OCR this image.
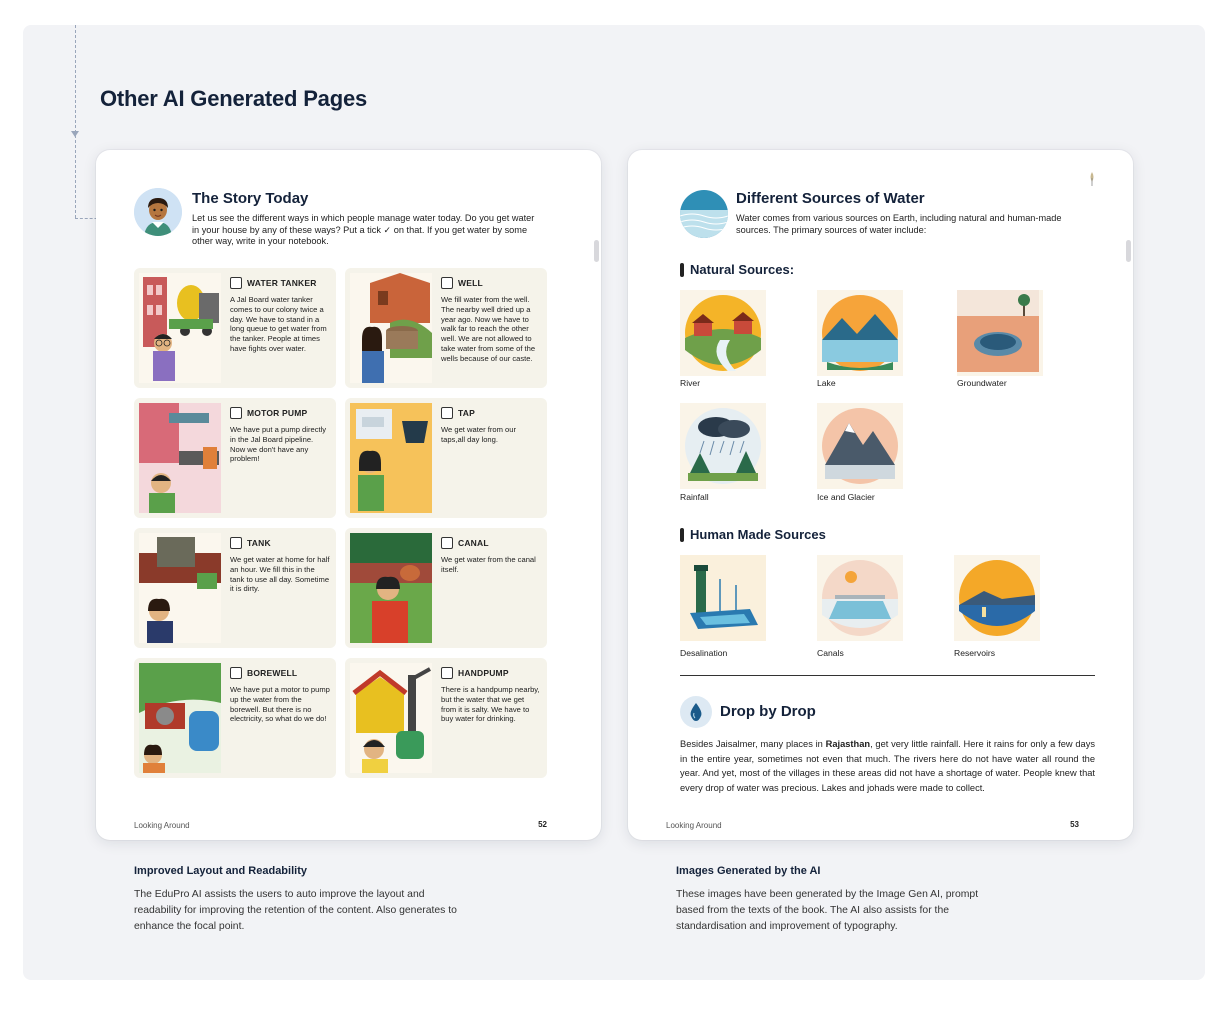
Other AI Generated Pages
The Story Today

Let us see the different ways in which people manage water today. Do you get water in your house by any of these ways? Put a tick ✓ on that. If you get water by some other way, write in your notebook.

WATER TANKER

A Jal Board water tanker comes to our colony twice a day. We have to stand in a long queue to get water from the tanker. People at times have fights over water.

WELL

We fill water from the well. The nearby well dried up a year ago. Now we have to walk far to reach the other well. We are not allowed to take water from some of the wells because of our caste.

MOTOR PUMP

We have put a pump directly in the Jal Board pipeline. Now we don't have any problem!

TAP

We get water from our taps,all day long.

TANK

We get water at home for half an hour. We fill this in the tank to use all day. Sometime it is dirty.

CANAL

We get water from the canal itself.

BOREWELL

We have put a motor to pump up the water from the borewell. But there is no electricity, so what do we do!

HANDPUMP

There is a handpump nearby, but the water that we get from it is salty. We have to buy water for drinking.

Looking Around	52
Different Sources of Water

Water comes from various sources on Earth, including natural and human-made sources. The primary sources of water include:

Natural Sources:
River	Lake	Groundwater
Rainfall	Ice and Glacier
Human Made Sources
Desalination	Canals	Reservoirs
Drop by Drop

Besides Jaisalmer, many places in Rajasthan, get very little rainfall. Here it rains for only a few days in the entire year, sometimes not even that much. The rivers here do not have water all round the year. And yet, most of the villages in these areas did not have a shortage of water. People knew that every drop of water was precious. Lakes and johads were made to collect.

Looking Around	53
Improved Layout and Readability

The EduPro AI assists the users to auto improve the layout and readability for improving the retention of the content. Also generates to enhance the focal point.

Images Generated by the AI

These images have been generated by the Image Gen AI, prompt based from the texts of the book. The AI also assists for the standardisation and improvement of typography.
